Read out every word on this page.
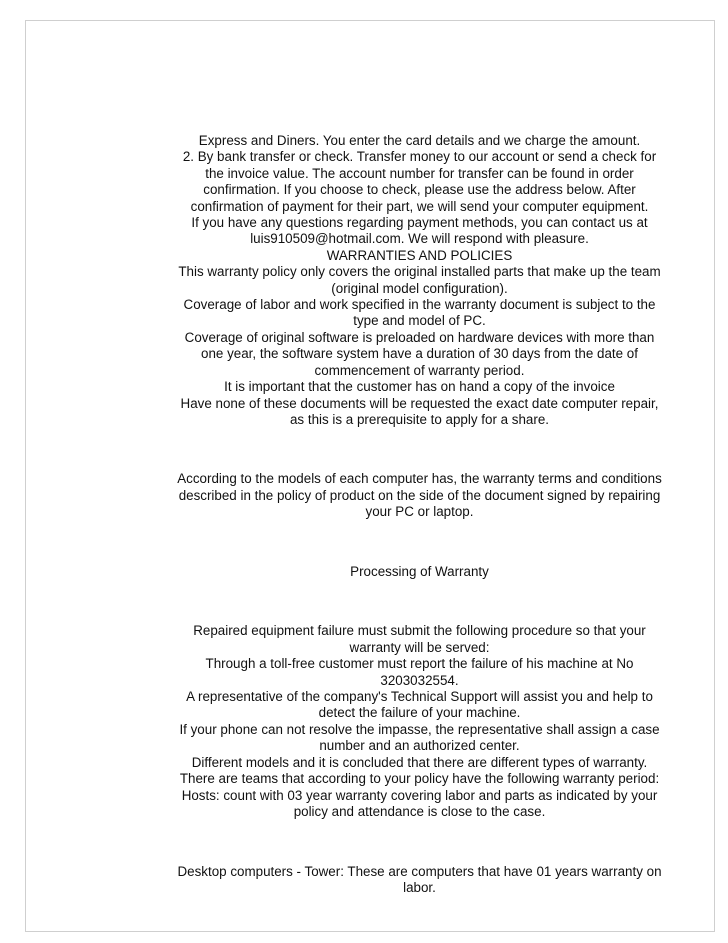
Express and Diners. You enter the card details and we charge the amount.

2. By bank transfer or check. Transfer money to our account or send a check for the invoice value. The account number for transfer can be found in order confirmation. If you choose to check, please use the address below. After confirmation of payment for their part, we will send your computer equipment.

If you have any questions regarding payment methods, you can contact us at luis910509@hotmail.com. We will respond with pleasure.

WARRANTIES AND POLICIES

This warranty policy only covers the original installed parts that make up the team (original model configuration).

Coverage of labor and work specified in the warranty document is subject to the type and model of PC.

Coverage of original software is preloaded on hardware devices with more than one year, the software system have a duration of 30 days from the date of commencement of warranty period.

It is important that the customer has on hand a copy of the invoice

Have none of these documents will be requested the exact date computer repair, as this is a prerequisite to apply for a share.

According to the models of each computer has, the warranty terms and conditions described in the policy of product on the side of the document signed by repairing your PC or laptop.

Processing of Warranty

Repaired equipment failure must submit the following procedure so that your warranty will be served:

Through a toll-free customer must report the failure of his machine at No 3203032554.

A representative of the company's Technical Support will assist you and help to detect the failure of your machine.

If your phone can not resolve the impasse, the representative shall assign a case number and an authorized center.

Different models and it is concluded that there are different types of warranty.

There are teams that according to your policy have the following warranty period:

Hosts: count with 03 year warranty covering labor and parts as indicated by your policy and attendance is close to the case.

Desktop computers - Tower: These are computers that have 01 years warranty on labor.
